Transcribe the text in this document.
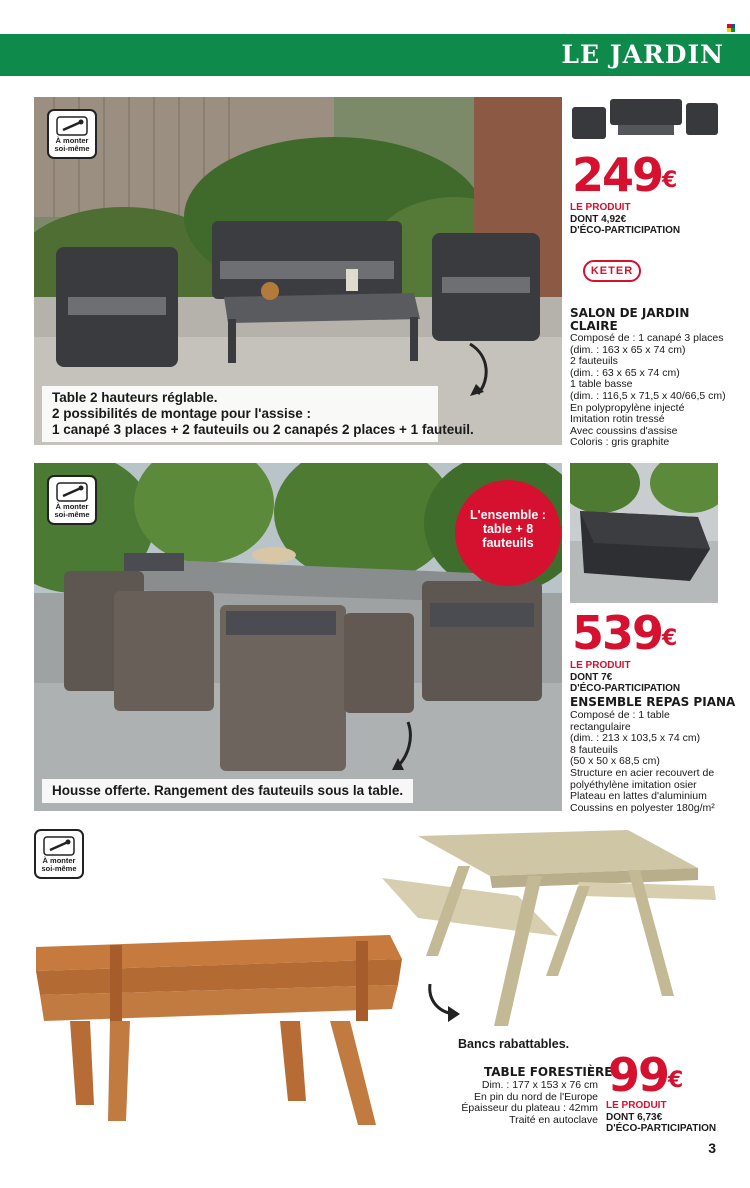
LE JARDIN
À monter
soi-même
Table 2 hauteurs réglable.
2 possibilités de montage pour l'assise :
1 canapé 3 places + 2 fauteuils ou 2 canapés 2 places + 1 fauteuil.
249€
LE PRODUIT
DONT 4,92€
D'ÉCO-PARTICIPATION
KETER
SALON DE JARDIN
CLAIRE
Composé de : 1 canapé 3 places
(dim. : 163 x 65 x 74 cm)
2 fauteuils
(dim. : 63 x 65 x 74 cm)
1 table basse
(dim. : 116,5 x 71,5 x 40/66,5 cm)
En polypropylène injecté
Imitation rotin tressé
Avec coussins d'assise
Coloris : gris graphite
À monter
soi-même	L'ensemble :
table + 8
fauteuils
Housse offerte. Rangement des fauteuils sous la table.
539€
LE PRODUIT
DONT 7€
D'ÉCO-PARTICIPATION
ENSEMBLE REPAS PIANA
Composé de : 1 table
rectangulaire
(dim. : 213 x 103,5 x 74 cm)
8 fauteuils
(50 x 50 x 68,5 cm)
Structure en acier recouvert de
polyéthylène imitation osier
Plateau en lattes d'aluminium
Coussins en polyester 180g/m²
À monter
soi-même
Bancs rabattables.
TABLE FORESTIÈRE
Dim. : 177 x 153 x 76 cm
En pin du nord de l'Europe
Épaisseur du plateau : 42mm
Traité en autoclave
99€
LE PRODUIT
DONT 6,73€
D'ÉCO-PARTICIPATION
3
